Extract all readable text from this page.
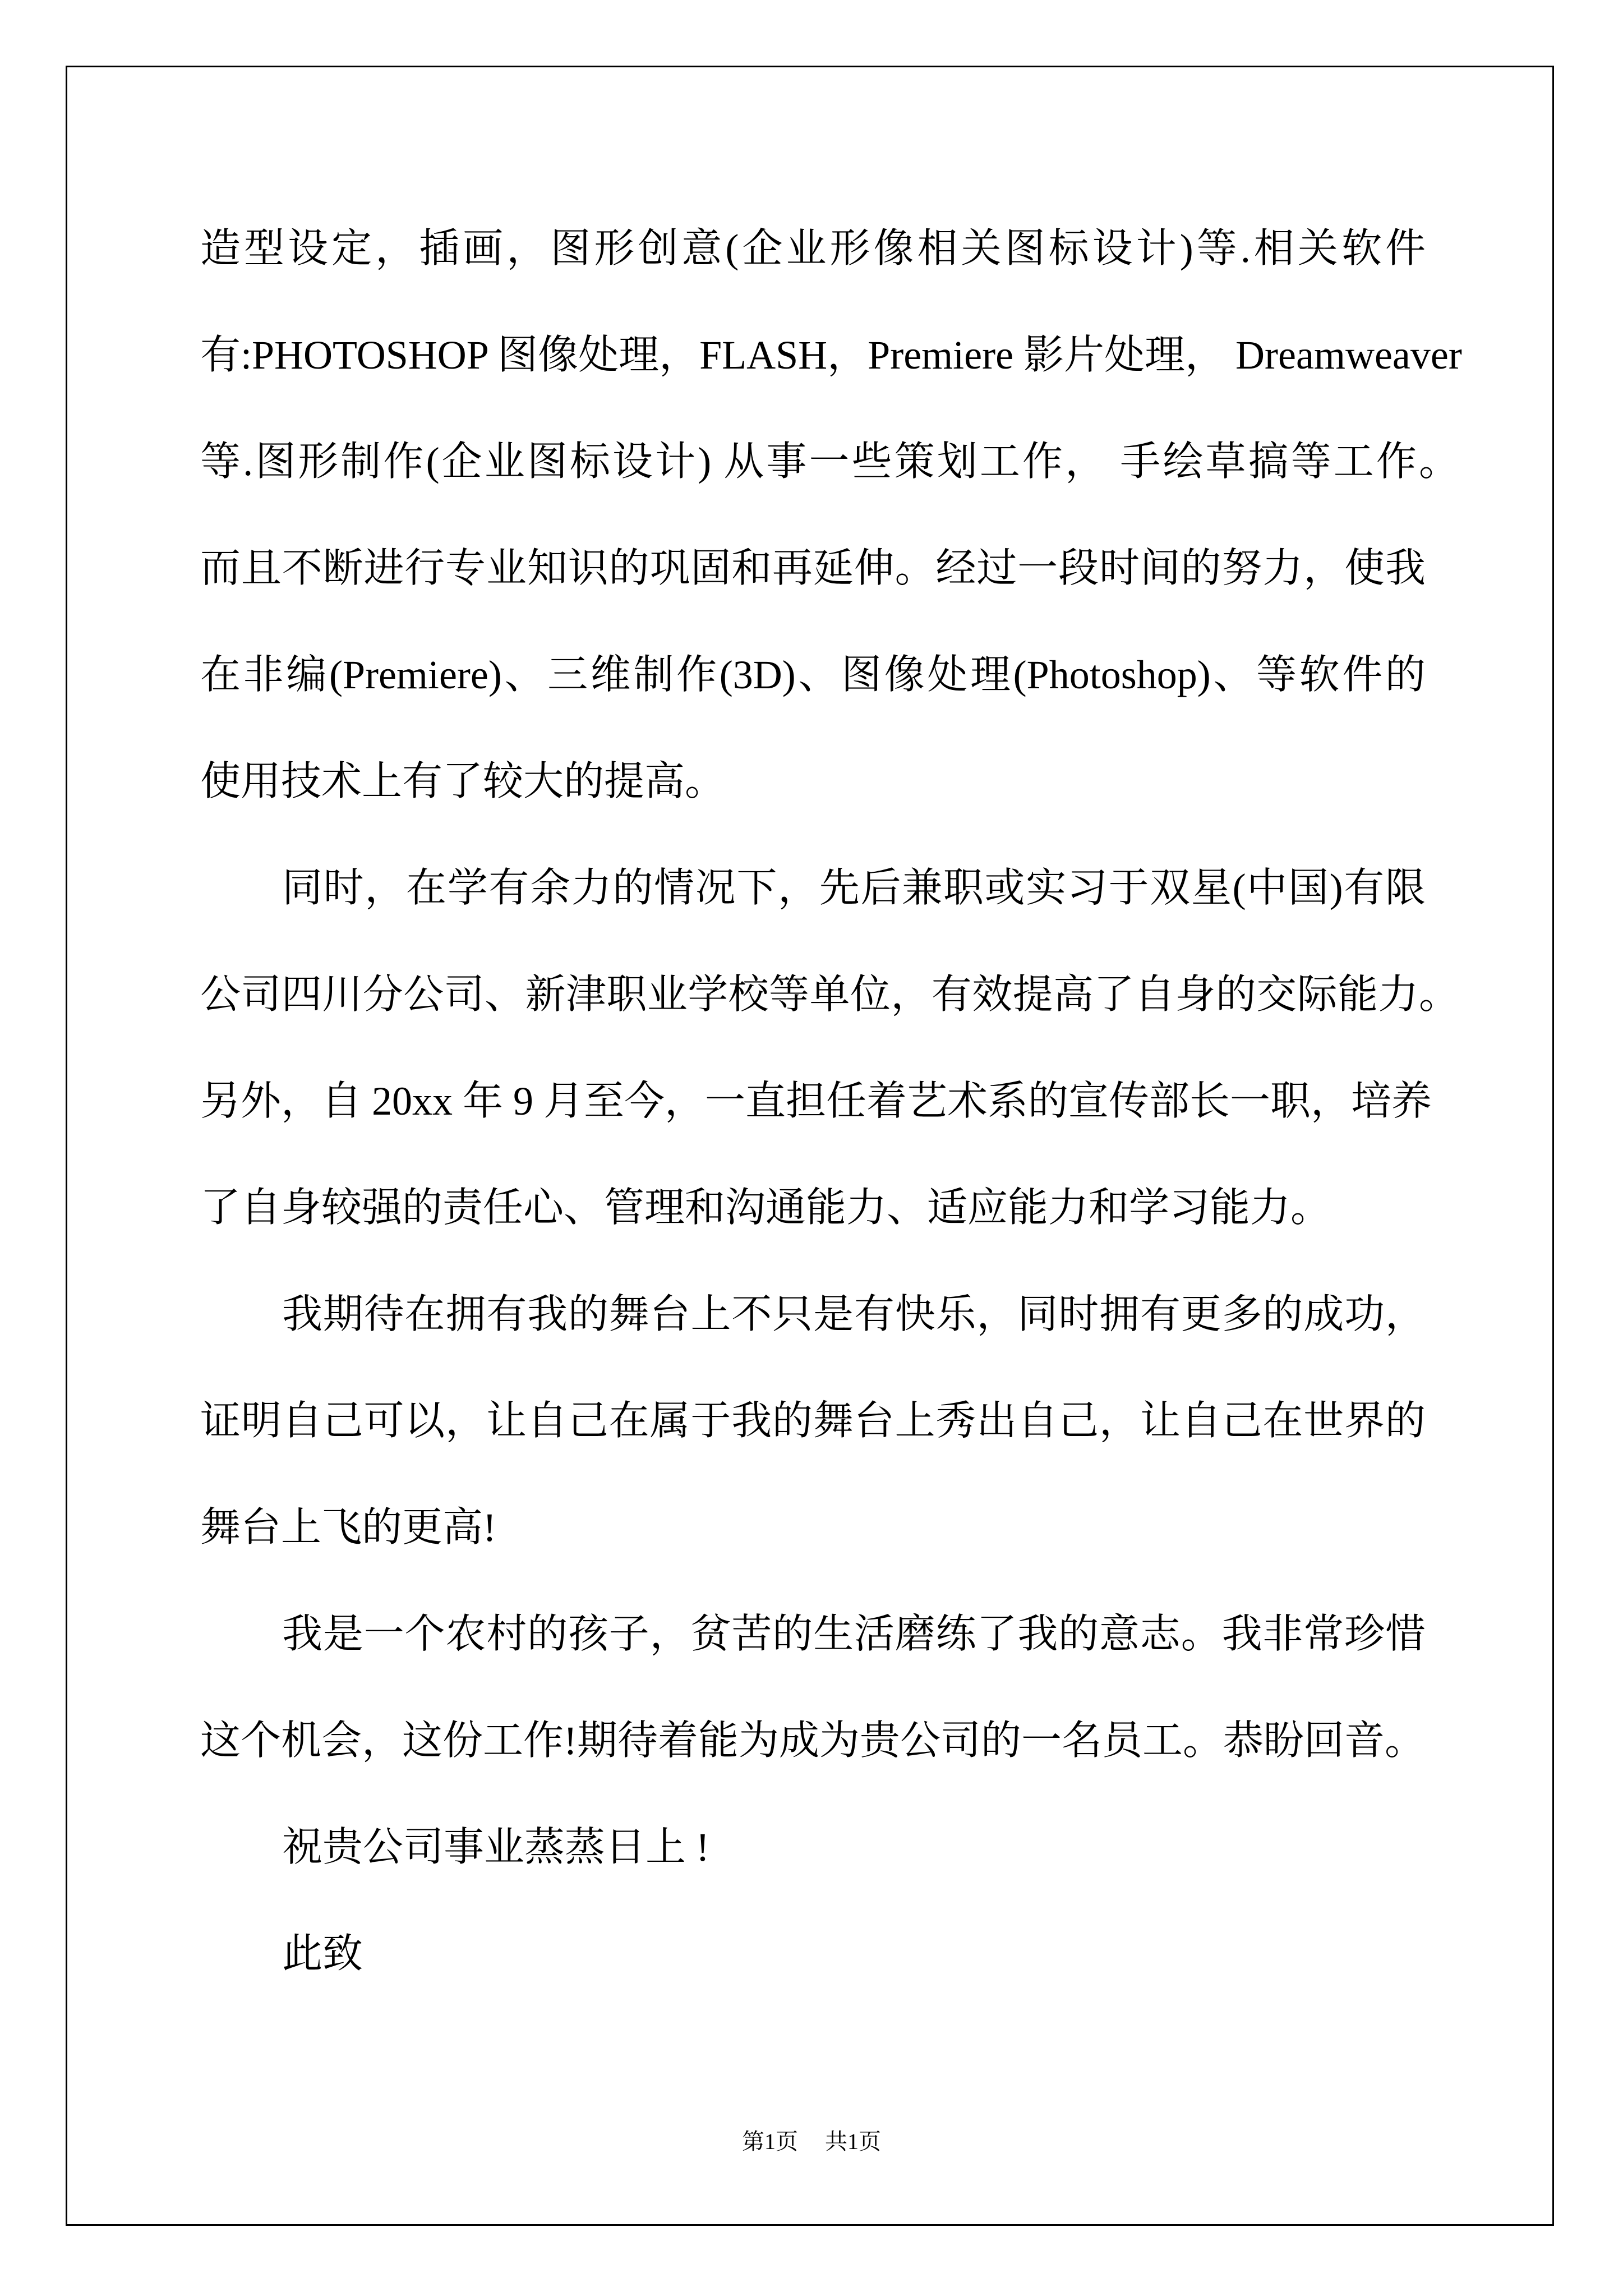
造型设定，插画，图形创意(企业形像相关图标设计)等.相关软件
有:PHOTOSHOP 图像处理，FLASH，Premiere 影片处理， Dreamweaver
等.图形制作(企业图标设计) 从事一些策划工作， 手绘草搞等工作。
而且不断进行专业知识的巩固和再延伸。经过一段时间的努力，使我
在非编(Premiere)、三维制作(3D)、图像处理(Photoshop)、等软件的
使用技术上有了较大的提高。
同时，在学有余力的情况下，先后兼职或实习于双星(中国)有限
公司四川分公司、新津职业学校等单位，有效提高了自身的交际能力。
另外，自 20xx 年 9 月至今，一直担任着艺术系的宣传部长一职，培养
了自身较强的责任心、管理和沟通能力、适应能力和学习能力。
我期待在拥有我的舞台上不只是有快乐，同时拥有更多的成功，
证明自己可以，让自己在属于我的舞台上秀出自己，让自己在世界的
舞台上飞的更高!
我是一个农村的孩子，贫苦的生活磨练了我的意志。我非常珍惜
这个机会，这份工作!期待着能为成为贵公司的一名员工。恭盼回音。
祝贵公司事业蒸蒸日上 !
此致
第1页 共1页
